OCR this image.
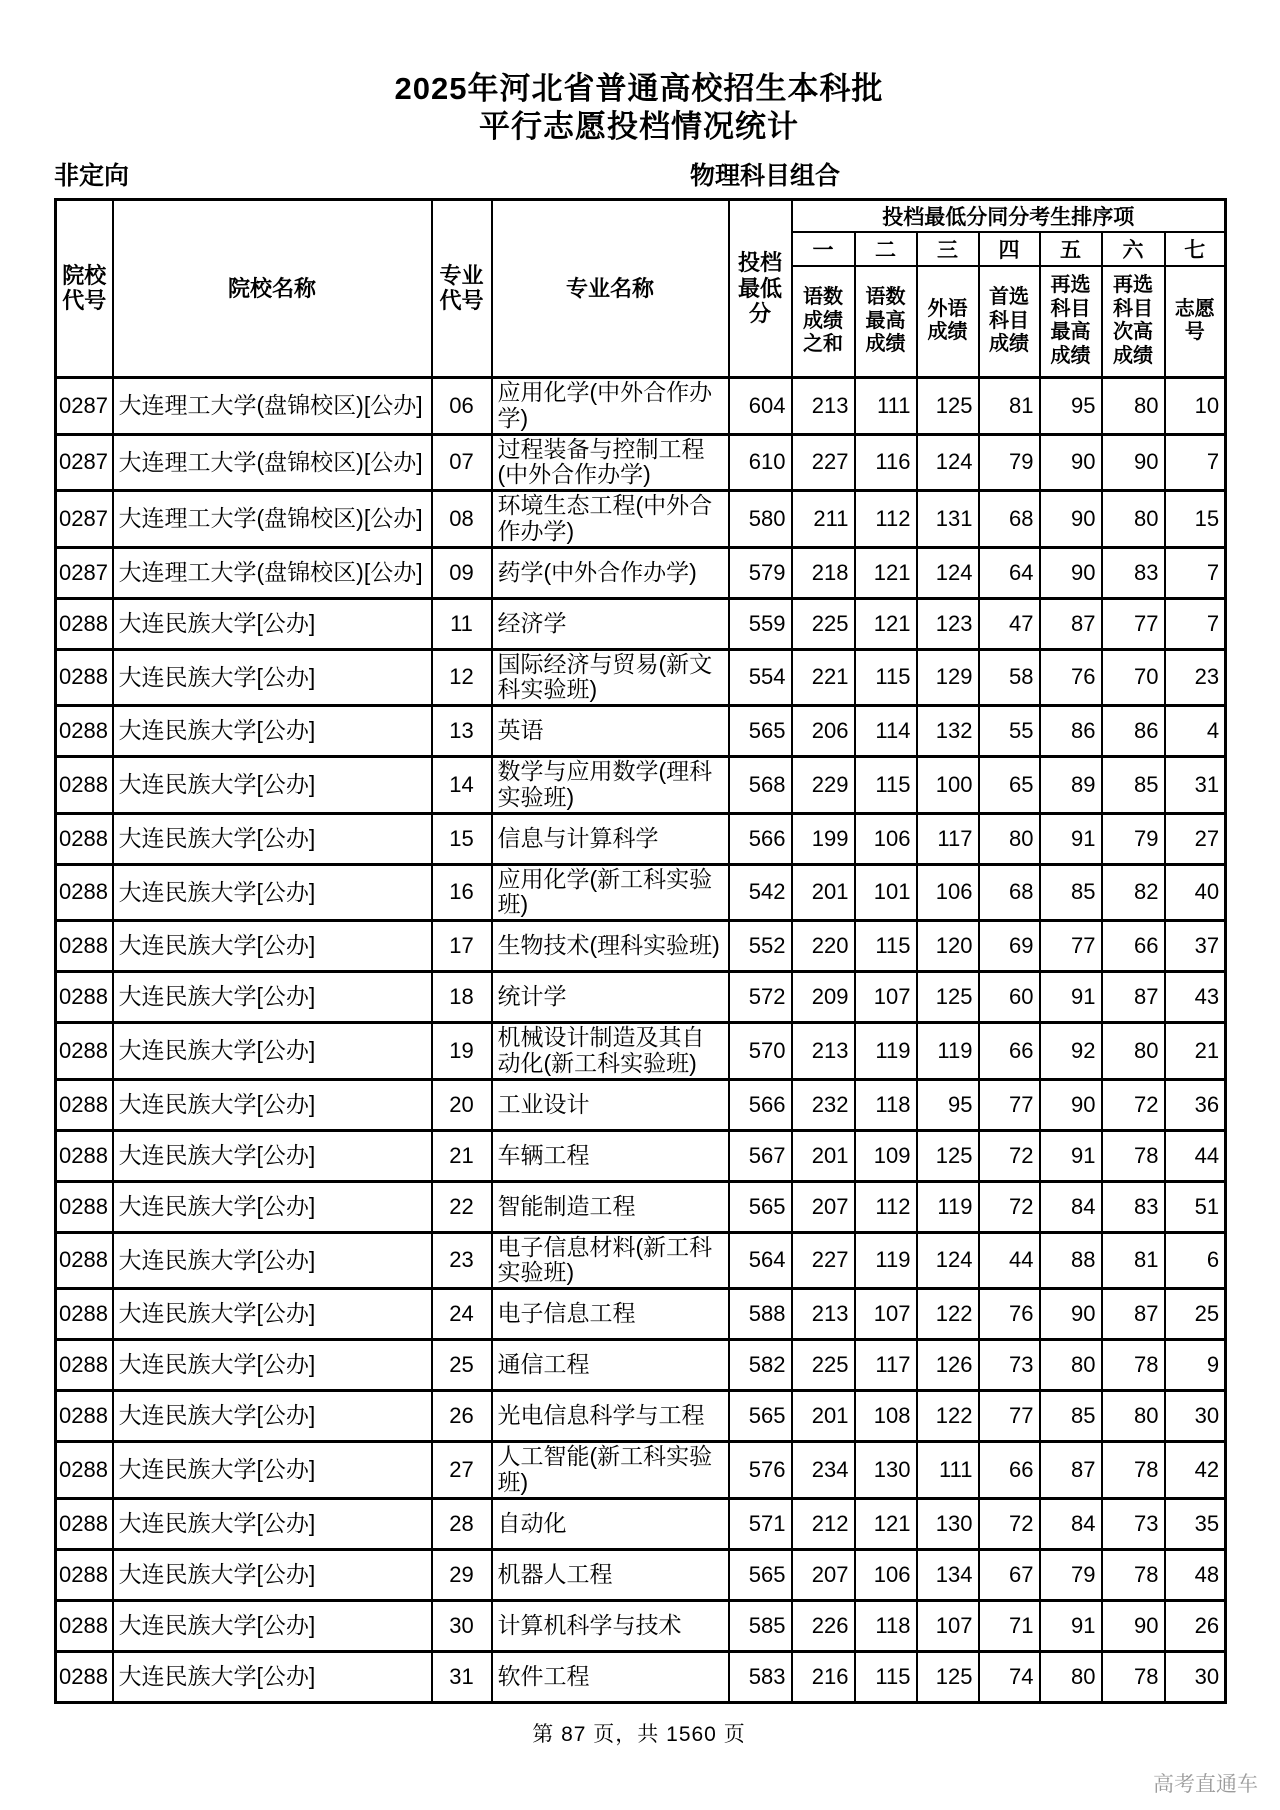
2025年河北省普通高校招生本科批
平行志愿投档情况统计
非定向	物理科目组合
院校代号	院校名称	专业代号	专业名称	投档最低分	投档最低分同分考生排序项						
					一	二	三	四	五	六	七
					语数成绩之和	语数最高成绩	外语成绩	首选科目成绩	再选科目最高成绩	再选科目次高成绩	志愿号
0287	大连理工大学(盘锦校区)[公办]	06	应用化学(中外合作办学)	604	213	111	125	81	95	80	10
0287	大连理工大学(盘锦校区)[公办]	07	过程装备与控制工程(中外合作办学)	610	227	116	124	79	90	90	7
0287	大连理工大学(盘锦校区)[公办]	08	环境生态工程(中外合作办学)	580	211	112	131	68	90	80	15
0287	大连理工大学(盘锦校区)[公办]	09	药学(中外合作办学)	579	218	121	124	64	90	83	7
0288	大连民族大学[公办]	11	经济学	559	225	121	123	47	87	77	7
0288	大连民族大学[公办]	12	国际经济与贸易(新文科实验班)	554	221	115	129	58	76	70	23
0288	大连民族大学[公办]	13	英语	565	206	114	132	55	86	86	4
0288	大连民族大学[公办]	14	数学与应用数学(理科实验班)	568	229	115	100	65	89	85	31
0288	大连民族大学[公办]	15	信息与计算科学	566	199	106	117	80	91	79	27
0288	大连民族大学[公办]	16	应用化学(新工科实验班)	542	201	101	106	68	85	82	40
0288	大连民族大学[公办]	17	生物技术(理科实验班)	552	220	115	120	69	77	66	37
0288	大连民族大学[公办]	18	统计学	572	209	107	125	60	91	87	43
0288	大连民族大学[公办]	19	机械设计制造及其自动化(新工科实验班)	570	213	119	119	66	92	80	21
0288	大连民族大学[公办]	20	工业设计	566	232	118	95	77	90	72	36
0288	大连民族大学[公办]	21	车辆工程	567	201	109	125	72	91	78	44
0288	大连民族大学[公办]	22	智能制造工程	565	207	112	119	72	84	83	51
0288	大连民族大学[公办]	23	电子信息材料(新工科实验班)	564	227	119	124	44	88	81	6
0288	大连民族大学[公办]	24	电子信息工程	588	213	107	122	76	90	87	25
0288	大连民族大学[公办]	25	通信工程	582	225	117	126	73	80	78	9
0288	大连民族大学[公办]	26	光电信息科学与工程	565	201	108	122	77	85	80	30
0288	大连民族大学[公办]	27	人工智能(新工科实验班)	576	234	130	111	66	87	78	42
0288	大连民族大学[公办]	28	自动化	571	212	121	130	72	84	73	35
0288	大连民族大学[公办]	29	机器人工程	565	207	106	134	67	79	78	48
0288	大连民族大学[公办]	30	计算机科学与技术	585	226	118	107	71	91	90	26
0288	大连民族大学[公办]	31	软件工程	583	216	115	125	74	80	78	30
第 87 页，共 1560 页
高考直通车
